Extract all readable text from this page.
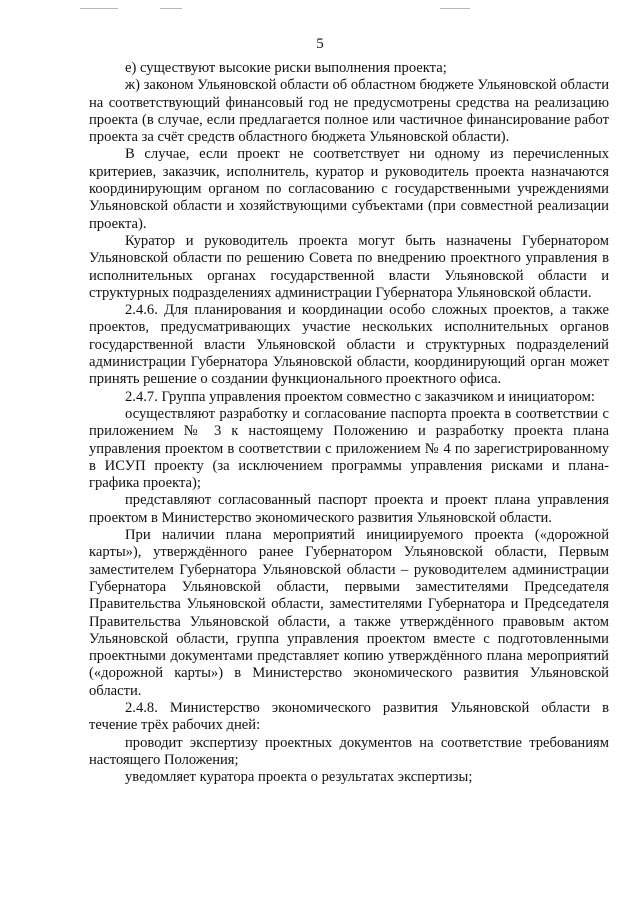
5

е) существуют высокие риски выполнения проекта;

ж) законом Ульяновской области об областном бюджете Ульяновской области на соответствующий финансовый год не предусмотрены средства на реализацию проекта (в случае, если предлагается полное или частичное финансирование работ проекта за счёт средств областного бюджета Ульяновской области).

В случае, если проект не соответствует ни одному из перечисленных критериев, заказчик, исполнитель, куратор и руководитель проекта назначаются координирующим органом по согласованию с государственными учреждениями Ульяновской области и хозяйствующими субъектами (при совместной реализации проекта).

Куратор и руководитель проекта могут быть назначены Губернатором Ульяновской области по решению Совета по внедрению проектного управления в исполнительных органах государственной власти Ульяновской области и структурных подразделениях администрации Губернатора Ульяновской области.

2.4.6. Для планирования и координации особо сложных проектов, а также проектов, предусматривающих участие нескольких исполнительных органов государственной власти Ульяновской области и структурных подразделений администрации Губернатора Ульяновской области, координирующий орган может принять решение о создании функционального проектного офиса.

2.4.7. Группа управления проектом совместно с заказчиком и инициатором:

осуществляют разработку и согласование паспорта проекта в соответствии с приложением № 3 к настоящему Положению и разработку проекта плана управления проектом в соответствии с приложением № 4 по зарегистрированному в ИСУП проекту (за исключением программы управления рисками и плана-графика проекта);

представляют согласованный паспорт проекта и проект плана управления проектом в Министерство экономического развития Ульяновской области.

При наличии плана мероприятий инициируемого проекта («дорожной карты»), утверждённого ранее Губернатором Ульяновской области, Первым заместителем Губернатора Ульяновской области – руководителем администрации Губернатора Ульяновской области, первыми заместителями Председателя Правительства Ульяновской области, заместителями Губернатора и Председателя Правительства Ульяновской области, а также утверждённого правовым актом Ульяновской области, группа управления проектом вместе с подготовленными проектными документами представляет копию утверждённого плана мероприятий («дорожной карты») в Министерство экономического развития Ульяновской области.

2.4.8. Министерство экономического развития Ульяновской области в течение трёх рабочих дней:

проводит экспертизу проектных документов на соответствие требованиям настоящего Положения;

уведомляет куратора проекта о результатах экспертизы;
